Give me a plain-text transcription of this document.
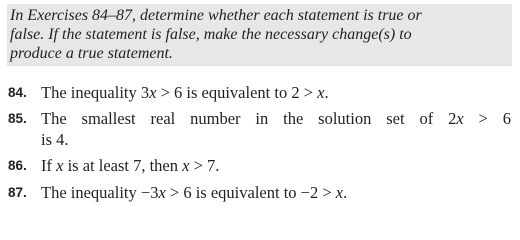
In Exercises 84–87, determine whether each statement is true or
false. If the statement is false, make the necessary change(s) to
produce a true statement.
84. The inequality 3x > 6 is equivalent to 2 > x.
85. The smallest real number in the solution set of 2x > 6
is 4.
86. If x is at least 7, then x > 7.
87. The inequality −3x > 6 is equivalent to −2 > x.
